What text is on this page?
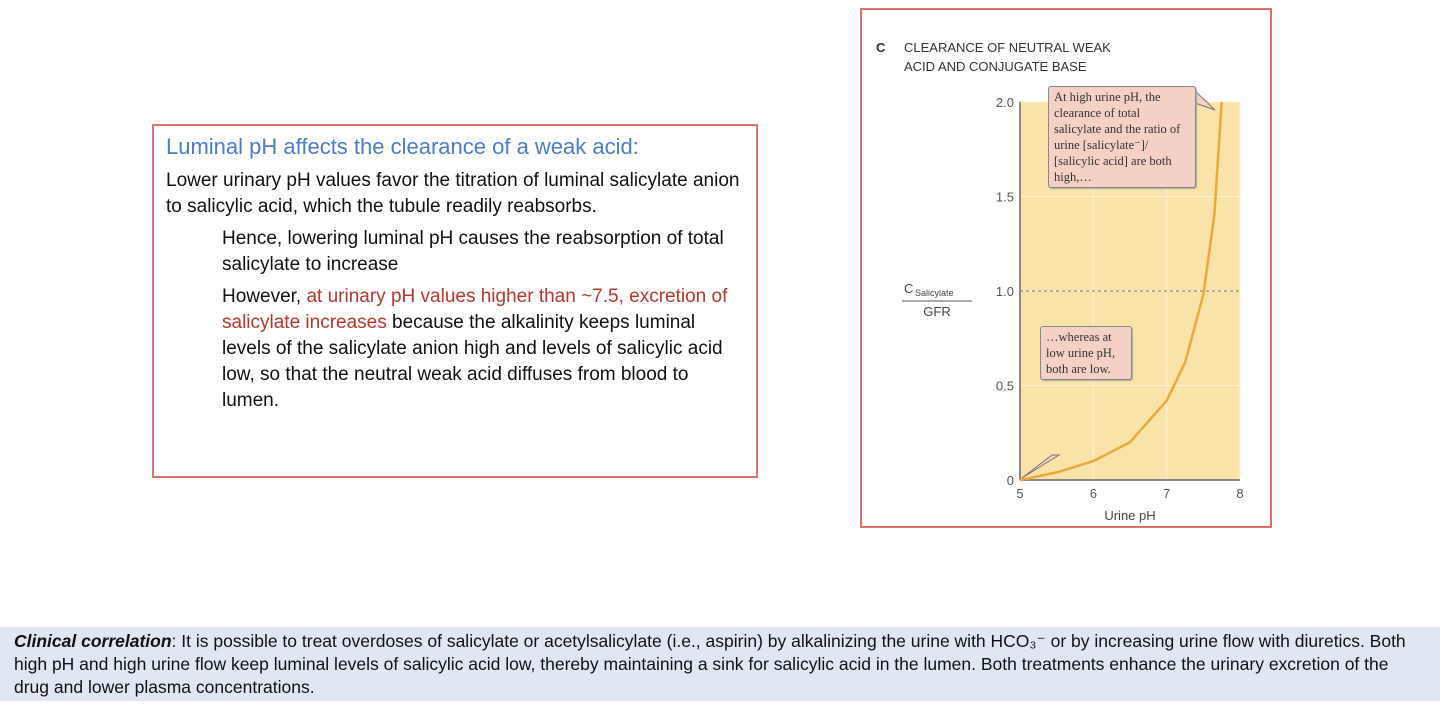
Luminal pH affects the clearance of a weak acid:
Lower urinary pH values favor the titration of luminal salicylate anion to salicylic acid, which the tubule readily reabsorbs.
Hence, lowering luminal pH causes the reabsorption of total salicylate to increase
However, at urinary pH values higher than ~7.5, excretion of salicylate increases because the alkalinity keeps luminal levels of the salicylate anion high and levels of salicylic acid low, so that the neutral weak acid diffuses from blood to lumen.
C CLEARANCE OF NEUTRAL WEAK
ACID AND CONJUGATE BASE
C Salicylate
GFR
Urine pH
0
0.5
1.0
1.5
2.0
5	6	7	8
At high urine pH, the clearance of total salicylate and the ratio of urine [salicylate⁻]/ [salicylic acid] are both high,…
…whereas at low urine pH, both are low.
Clinical correlation: It is possible to treat overdoses of salicylate or acetylsalicylate (i.e., aspirin) by alkalinizing the urine with HCO₃⁻ or by increasing urine flow with diuretics. Both high pH and high urine flow keep luminal levels of salicylic acid low, thereby maintaining a sink for salicylic acid in the lumen. Both treatments enhance the urinary excretion of the drug and lower plasma concentrations.
